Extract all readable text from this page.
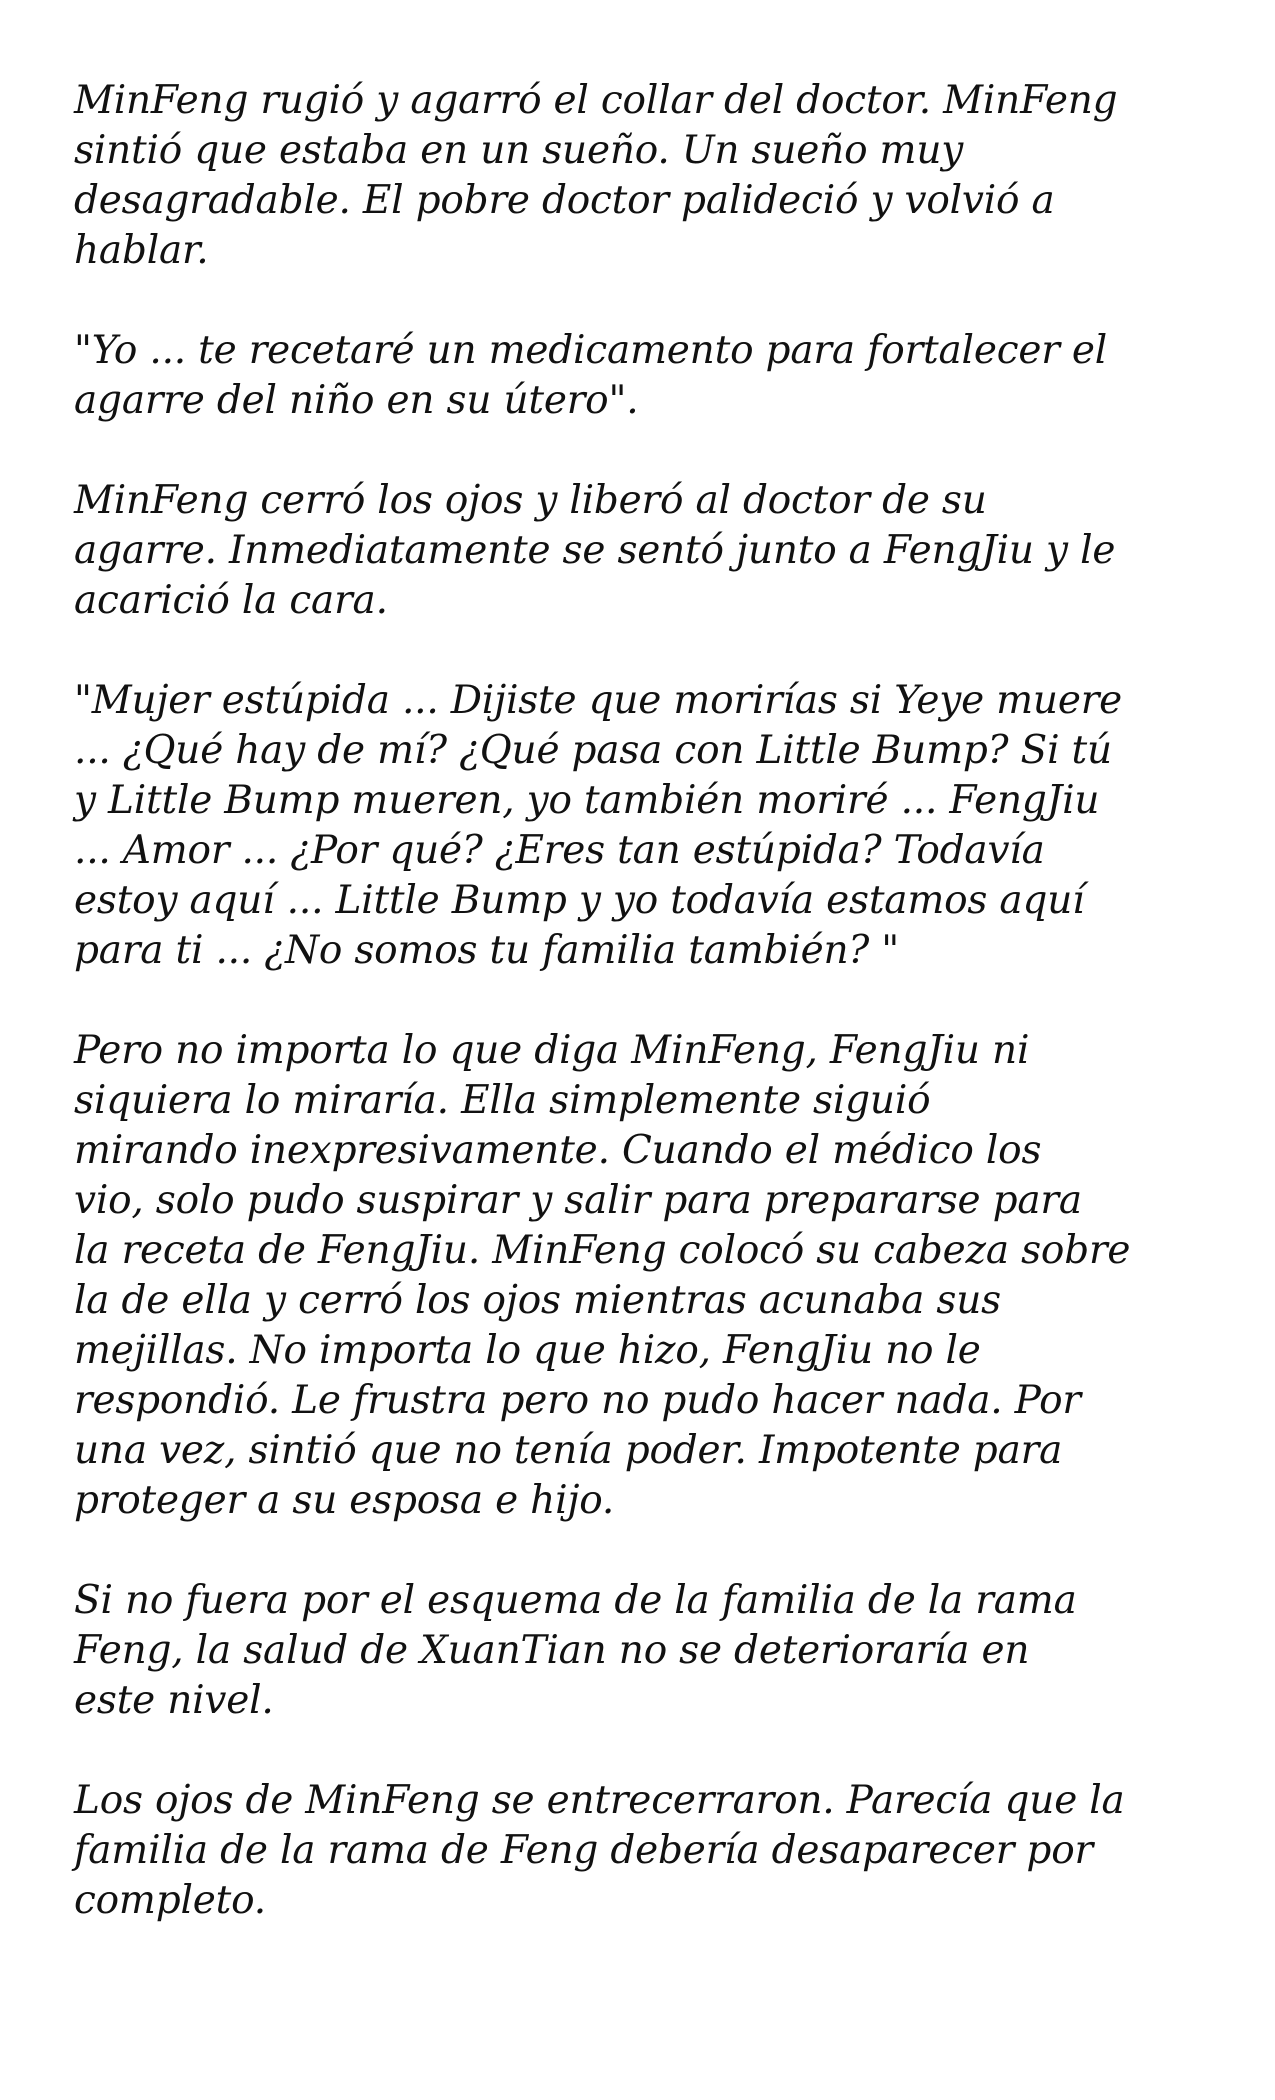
MinFeng rugió y agarró el collar del doctor. MinFeng
sintió que estaba en un sueño. Un sueño muy
desagradable. El pobre doctor palideció y volvió a
hablar.

"Yo ... te recetaré un medicamento para fortalecer el
agarre del niño en su útero".

MinFeng cerró los ojos y liberó al doctor de su
agarre. Inmediatamente se sentó junto a FengJiu y le
acarició la cara.

"Mujer estúpida ... Dijiste que morirías si Yeye muere
... ¿Qué hay de mí? ¿Qué pasa con Little Bump? Si tú
y Little Bump mueren, yo también moriré ... FengJiu
... Amor ... ¿Por qué? ¿Eres tan estúpida? Todavía
estoy aquí ... Little Bump y yo todavía estamos aquí
para ti ... ¿No somos tu familia también? "

Pero no importa lo que diga MinFeng, FengJiu ni
siquiera lo miraría. Ella simplemente siguió
mirando inexpresivamente. Cuando el médico los
vio, solo pudo suspirar y salir para prepararse para
la receta de FengJiu. MinFeng colocó su cabeza sobre
la de ella y cerró los ojos mientras acunaba sus
mejillas. No importa lo que hizo, FengJiu no le
respondió. Le frustra pero no pudo hacer nada. Por
una vez, sintió que no tenía poder. Impotente para
proteger a su esposa e hijo.

Si no fuera por el esquema de la familia de la rama
Feng, la salud de XuanTian no se deterioraría en
este nivel.

Los ojos de MinFeng se entrecerraron. Parecía que la
familia de la rama de Feng debería desaparecer por
completo.
